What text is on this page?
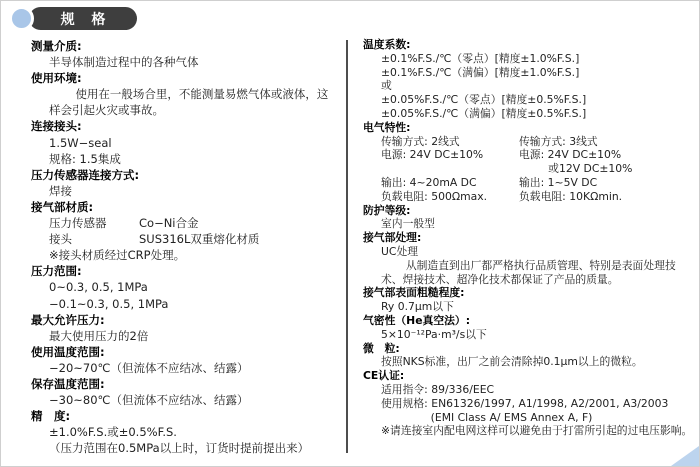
规 格
测量介质:
半导体制造过程中的各种气体
使用环境:

使用在一般场合里，不能测量易燃气体或液体，这样会引起火灾或事故。

连接接头:
1.5W−seal
规格: 1.5集成
压力传感器连接方式:
焊接
接气部材质:
压力传感器	Co−Ni合金
接头	SUS316L双重熔化材质
※接头材质经过CRP处理。
压力范围:
0~0.3, 0.5, 1MPa
−0.1~0.3, 0.5, 1MPa
最大允许压力:
最大使用压力的2倍
使用温度范围:
−20~70℃（但流体不应结冰、结露）
保存温度范围:
−30~80℃（但流体不应结冰、结露）
精　度:
±1.0%F.S.或±0.5%F.S.
（压力范围在0.5MPa以上时，订货时提前提出来）
温度系数:
±0.1%F.S./℃（零点）[精度±1.0%F.S.]
±0.1%F.S./℃（满偏）[精度±1.0%F.S.]
或
±0.05%F.S./℃（零点）[精度±0.5%F.S.]
±0.05%F.S./℃（满偏）[精度±0.5%F.S.]
电气特性:
传输方式: 2线式	传输方式: 3线式
电源: 24V DC±10%	电源: 24V DC±10%
或12V DC±10%
输出: 4~20mA DC	输出: 1~5V DC
负载电阻: 500Ωmax.	负载电阻: 10KΩmin.
防护等级:
室内一般型
接气部处理:
UC处理

从制造直到出厂都严格执行品质管理、特别是表面处理技术、焊接技术、超净化技术都保证了产品的质量。

接气部表面粗糙程度:
Ry 0.7μm以下
气密性（He真空法）:
5×10⁻¹²Pa·m³/s以下
微　粒:
按照NKS标准，出厂之前会清除掉0.1μm以上的微粒。
CE认证:
适用指令: 89/336/EEC
使用规格: EN61326/1997, A1/1998, A2/2001, A3/2003
(EMI Class A/ EMS Annex A, F)
※请连接室内配电网这样可以避免由于打雷所引起的过电压影响。
